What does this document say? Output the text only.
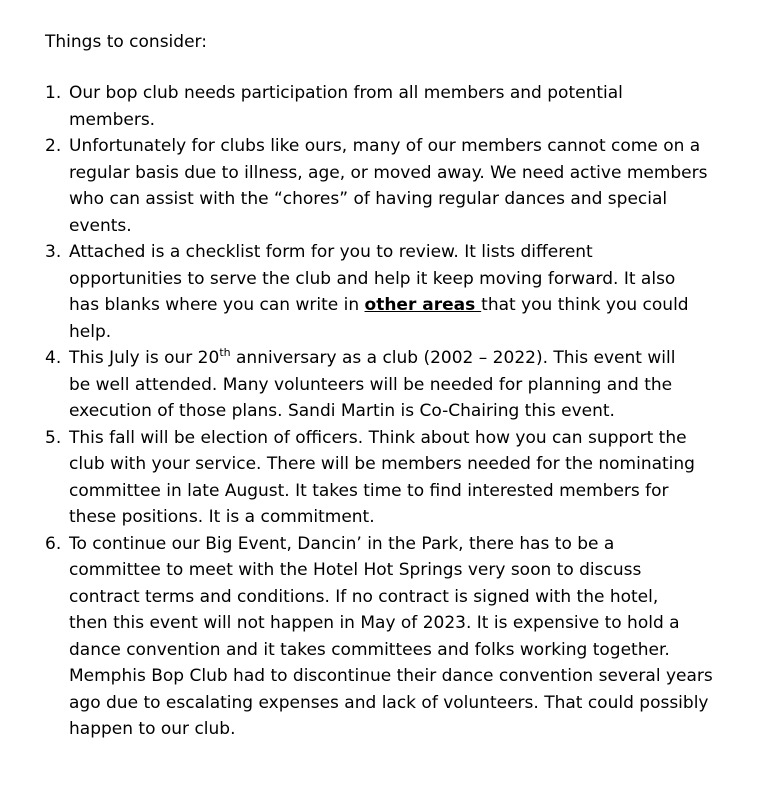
Things to consider:
1. Our bop club needs participation from all members and potential
members.
2. Unfortunately for clubs like ours, many of our members cannot come on a
regular basis due to illness, age, or moved away. We need active members
who can assist with the “chores” of having regular dances and special
events.
3. Attached is a checklist form for you to review. It lists different
opportunities to serve the club and help it keep moving forward. It also
has blanks where you can write in other areas that you think you could
help.
4. This July is our 20th anniversary as a club (2002 – 2022). This event will
be well attended. Many volunteers will be needed for planning and the
execution of those plans. Sandi Martin is Co-Chairing this event.
5. This fall will be election of officers. Think about how you can support the
club with your service. There will be members needed for the nominating
committee in late August. It takes time to find interested members for
these positions. It is a commitment.
6. To continue our Big Event, Dancin’ in the Park, there has to be a
committee to meet with the Hotel Hot Springs very soon to discuss
contract terms and conditions. If no contract is signed with the hotel,
then this event will not happen in May of 2023. It is expensive to hold a
dance convention and it takes committees and folks working together.
Memphis Bop Club had to discontinue their dance convention several years
ago due to escalating expenses and lack of volunteers. That could possibly
happen to our club.
